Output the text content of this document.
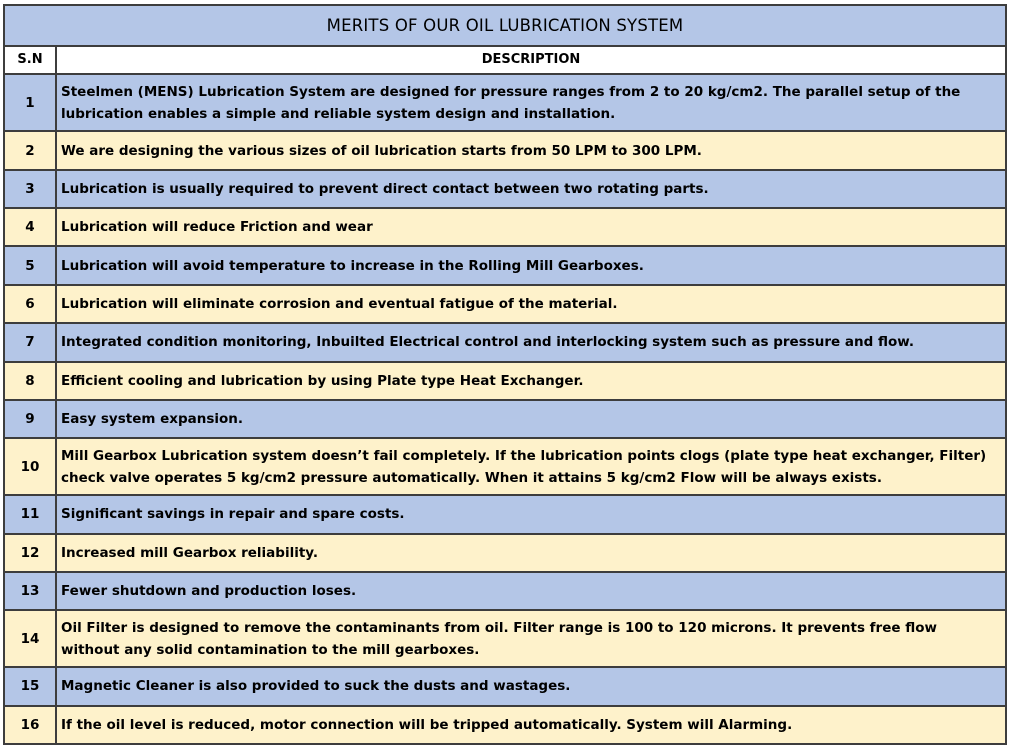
MERITS OF OUR OIL LUBRICATION SYSTEM	
S.N	DESCRIPTION
1	Steelmen (MENS) Lubrication System are designed for pressure ranges from 2 to 20 kg/cm2. The parallel setup of the lubrication enables a simple and reliable system design and installation.
2	We are designing the various sizes of oil lubrication starts from 50 LPM to 300 LPM.
3	Lubrication is usually required to prevent direct contact between two rotating parts.
4	Lubrication will reduce Friction and wear
5	Lubrication will avoid temperature to increase in the Rolling Mill Gearboxes.
6	Lubrication will eliminate corrosion and eventual fatigue of the material.
7	Integrated condition monitoring, Inbuilted Electrical control and interlocking system such as pressure and flow.
8	Efficient cooling and lubrication by using Plate type Heat Exchanger.
9	Easy system expansion.
10	Mill Gearbox Lubrication system doesn’t fail completely. If the lubrication points clogs (plate type heat exchanger, Filter) check valve operates 5 kg/cm2 pressure automatically. When it attains 5 kg/cm2 Flow will be always exists.
11	Significant savings in repair and spare costs.
12	Increased mill Gearbox reliability.
13	Fewer shutdown and production loses.
14	Oil Filter is designed to remove the contaminants from oil. Filter range is 100 to 120 microns. It prevents free flow without any solid contamination to the mill gearboxes.
15	Magnetic Cleaner is also provided to suck the dusts and wastages.
16	If the oil level is reduced, motor connection will be tripped automatically. System will Alarming.
